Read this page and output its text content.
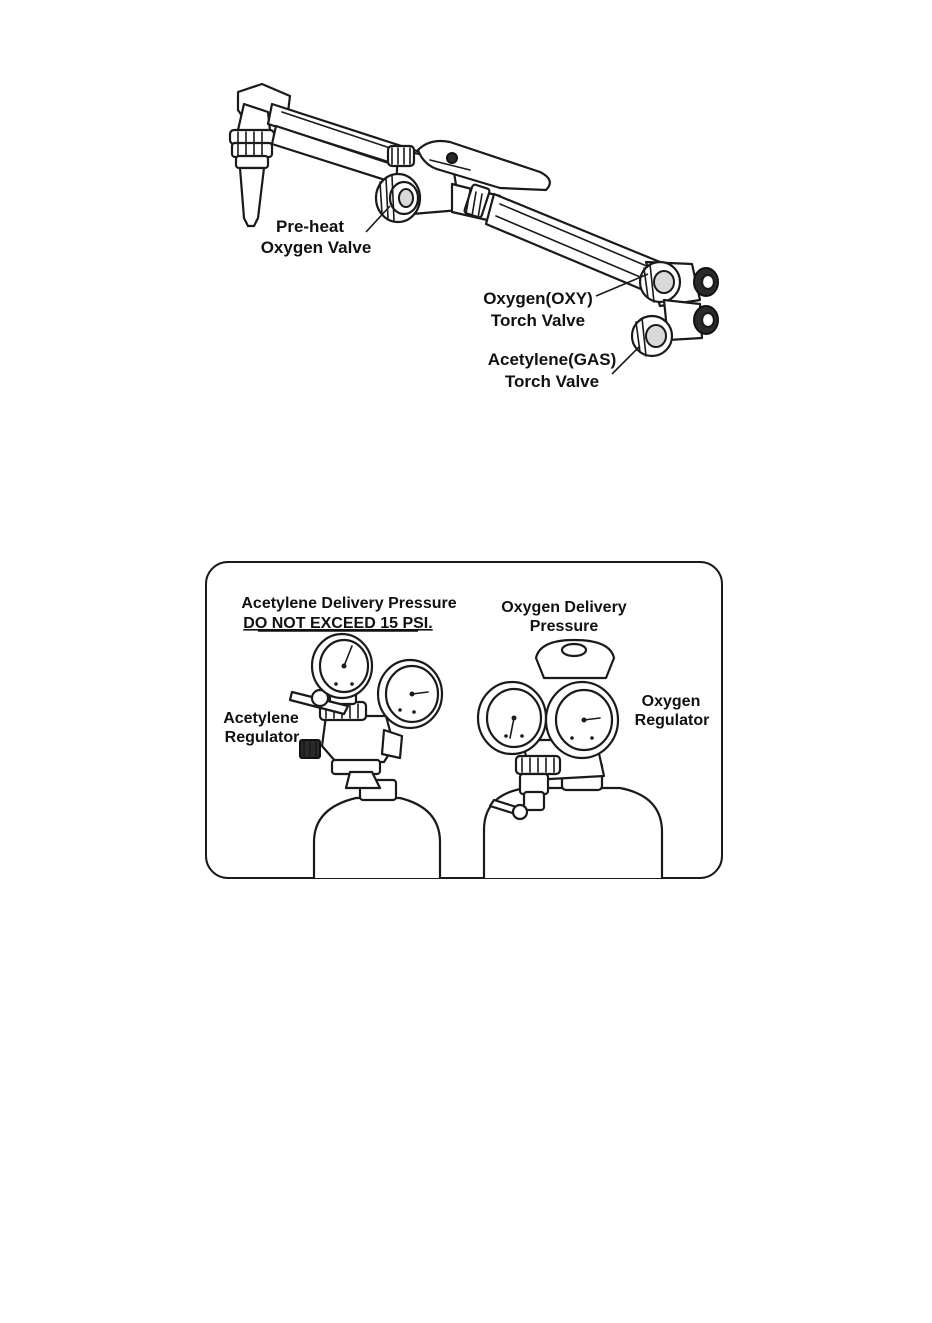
Pre-heat
Oxygen Valve
Oxygen(OXY)
Torch Valve
Acetylene(GAS)
Torch Valve
Acetylene Delivery Pressure
DO NOT EXCEED 15 PSI.
Oxygen Delivery
Pressure
Acetylene
Regulator
Oxygen
Regulator
